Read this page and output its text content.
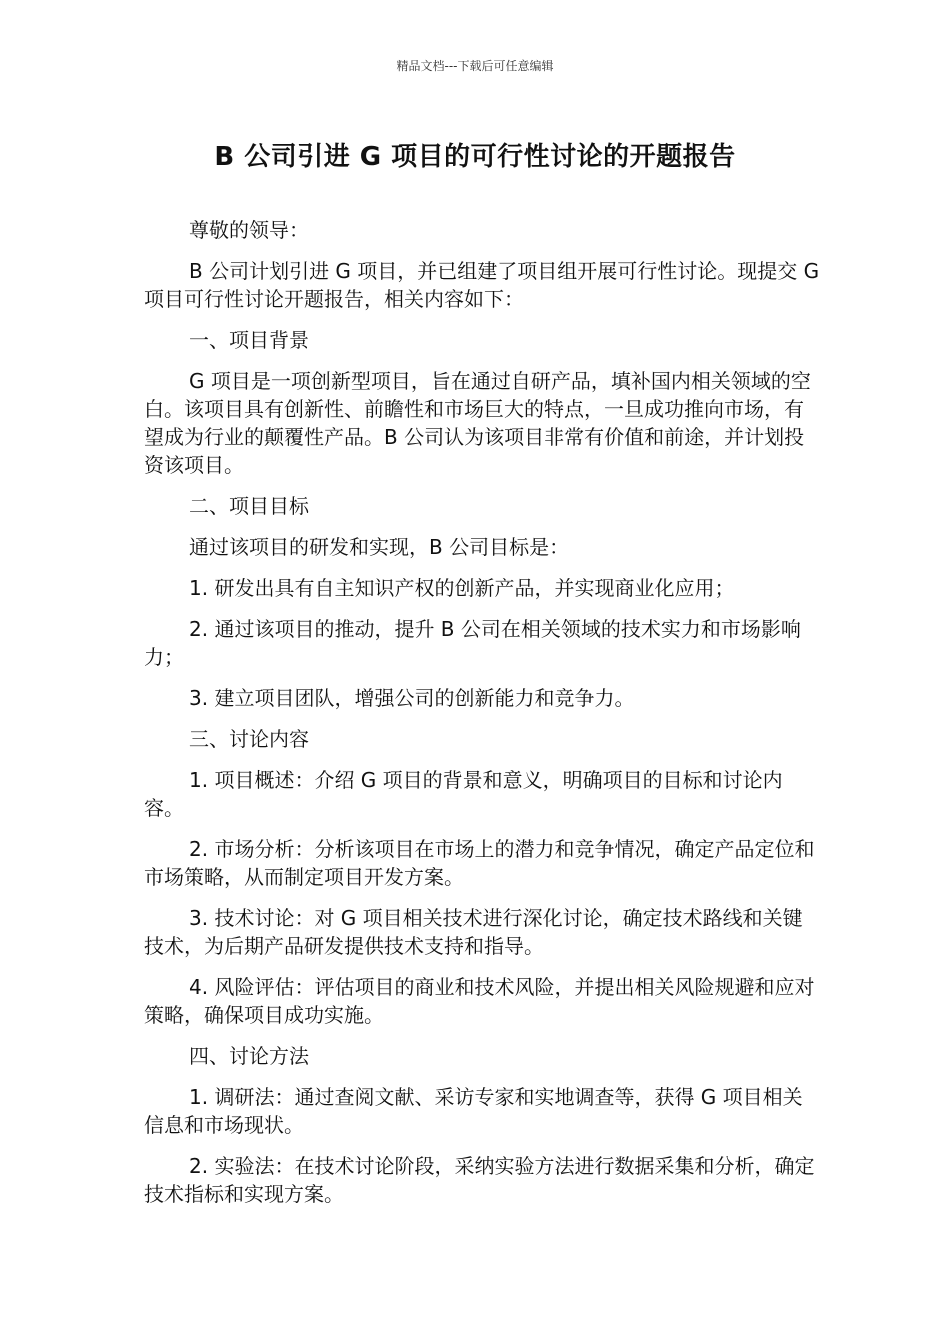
精品文档---下载后可任意编辑
B 公司引进 G 项目的可行性讨论的开题报告

尊敬的领导：

B 公司计划引进 G 项目，并已组建了项目组开展可行性讨论。现提交 G 项目可行性讨论开题报告，相关内容如下：

一、项目背景

G 项目是一项创新型项目，旨在通过自研产品，填补国内相关领域的空白。该项目具有创新性、前瞻性和市场巨大的特点，一旦成功推向市场，有望成为行业的颠覆性产品。B 公司认为该项目非常有价值和前途，并计划投资该项目。

二、项目目标

通过该项目的研发和实现，B 公司目标是：

1. 研发出具有自主知识产权的创新产品，并实现商业化应用；

2. 通过该项目的推动，提升 B 公司在相关领域的技术实力和市场影响力；

3. 建立项目团队，增强公司的创新能力和竞争力。

三、讨论内容

1. 项目概述：介绍 G 项目的背景和意义，明确项目的目标和讨论内容。

2. 市场分析：分析该项目在市场上的潜力和竞争情况，确定产品定位和市场策略，从而制定项目开发方案。

3. 技术讨论：对 G 项目相关技术进行深化讨论，确定技术路线和关键技术，为后期产品研发提供技术支持和指导。

4. 风险评估：评估项目的商业和技术风险，并提出相关风险规避和应对策略，确保项目成功实施。

四、讨论方法

1. 调研法：通过查阅文献、采访专家和实地调查等，获得 G 项目相关信息和市场现状。

2. 实验法：在技术讨论阶段，采纳实验方法进行数据采集和分析，确定技术指标和实现方案。
